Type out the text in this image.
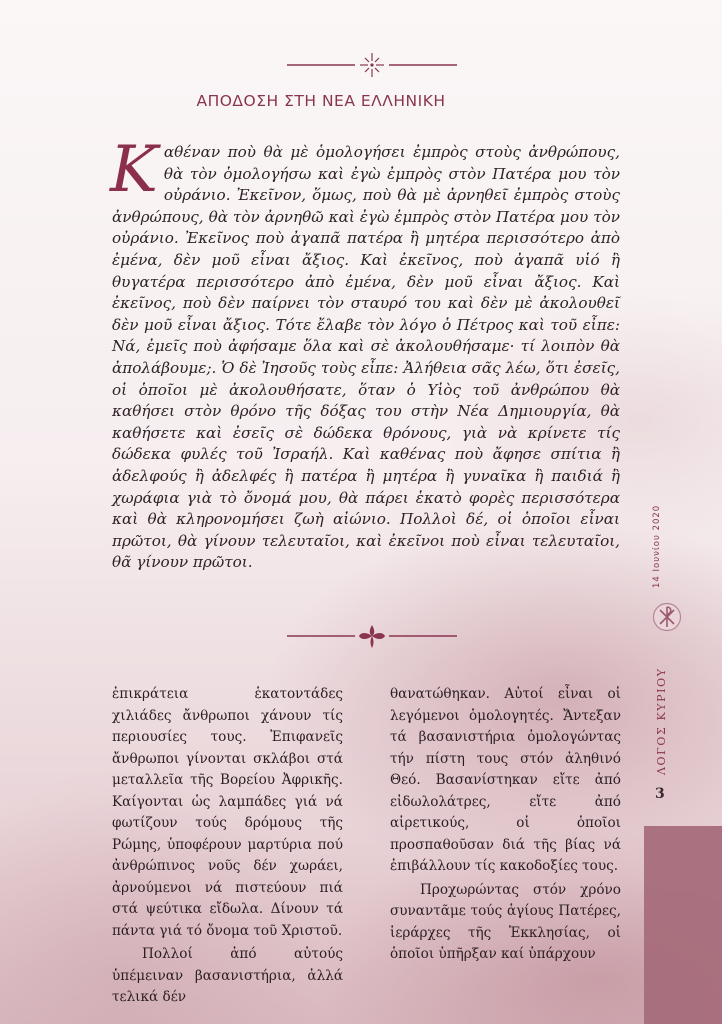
ΑΠΟΔΟΣΗ ΣΤΗ ΝΕΑ ΕΛΛΗΝΙΚΗ
Καθέναν ποὺ θὰ μὲ ὁμολογήσει ἐμπρὸς στοὺς ἀνθρώπους, θὰ τὸν ὁμολογήσω καὶ ἐγὼ ἐμπρὸς στὸν Πατέρα μου τὸν οὐράνιο. Ἐκεῖνον, ὅμως, ποὺ θὰ μὲ ἀρνηθεῖ ἐμπρὸς στοὺς ἀνθρώπους, θὰ τὸν ἀρνηθῶ καὶ ἐγὼ ἐμπρὸς στὸν Πατέρα μου τὸν οὐράνιο. Ἐκεῖνος ποὺ ἀγαπᾶ πατέρα ἢ μητέρα περισσότερο ἀπὸ ἐμένα, δὲν μοῦ εἶναι ἄξιος. Καὶ ἐκεῖνος, ποὺ ἀγαπᾶ υἱό ἢ θυγατέρα περισσότερο ἀπὸ ἐμένα, δὲν μοῦ εἶναι ἄξιος. Καὶ ἐκεῖνος, ποὺ δὲν παίρνει τὸν σταυρό του καὶ δὲν μὲ ἀκολουθεῖ δὲν μοῦ εἶναι ἄξιος. Τότε ἔλαβε τὸν λόγο ὁ Πέτρος καὶ τοῦ εἶπε: Νά, ἐμεῖς ποὺ ἀφήσαμε ὅλα καὶ σὲ ἀκολουθήσαμε· τί λοιπὸν θὰ ἀπολάβουμε;. Ὁ δὲ Ἰησοῦς τοὺς εἶπε: Ἀλήθεια σᾶς λέω, ὅτι ἐσεῖς, οἱ ὁποῖοι μὲ ἀκολουθήσατε, ὅταν ὁ Υἱὸς τοῦ ἀνθρώπου θὰ καθήσει στὸν θρόνο τῆς δόξας του στὴν Νέα Δημιουργία, θὰ καθήσετε καὶ ἐσεῖς σὲ δώδεκα θρόνους, γιὰ νὰ κρίνετε τίς δώδεκα φυλές τοῦ Ἰσραήλ. Καὶ καθένας ποὺ ἄφησε σπίτια ἢ ἀδελφούς ἢ ἀδελφές ἢ πατέρα ἢ μητέρα ἢ γυναῖκα ἢ παιδιά ἢ χωράφια γιὰ τὸ ὄνομά μου, θὰ πάρει ἑκατὸ φορὲς περισσότερα καὶ θὰ κληρονομήσει ζωὴ αἰώνιο. Πολλοὶ δέ, οἱ ὁποῖοι εἶναι πρῶτοι, θὰ γίνουν τελευταῖοι, καὶ ἐκεῖνοι ποὺ εἶναι τελευταῖοι, θᾶ γίνουν πρῶτοι.

ἐπικράτεια ἑκατοντάδες χιλιάδες ἄνθρωποι χάνουν τίς περιουσίες τους. Ἐπιφανεῖς ἄνθρωποι γίνονται σκλάβοι στά μεταλλεῖα τῆς Βορείου Ἀφρικῆς. Καίγονται ὡς λαμπάδες γιά νά φωτίζουν τούς δρόμους τῆς Ρώμης, ὑποφέρουν μαρτύρια πού ἀνθρώπινος νοῦς δέν χωράει, ἀρνούμενοι νά πιστεύουν πιά στά ψεύτικα εἴδωλα. Δίνουν τά πάντα γιά τό ὄνομα τοῦ Χριστοῦ.

Πολλοί ἀπό αὐτούς ὑπέμειναν βασανιστήρια, ἀλλά τελικά δέν

θανατώθηκαν. Αὐτοί εἶναι οἱ λεγόμενοι ὁμολογητές. Ἄντεξαν τά βασανιστήρια ὁμολογώντας τήν πίστη τους στόν ἀληθινό Θεό. Βασανίστηκαν εἴτε ἀπό εἰδωλολάτρες, εἴτε ἀπό αἱρετικούς, οἱ ὁποῖοι προσπαθοῦσαν διά τῆς βίας νά ἐπιβάλλουν τίς κακοδοξίες τους.

Προχωρώντας στόν χρόνο συναντᾶμε τούς ἁγίους Πατέρες, ἱεράρχες τῆς Ἐκκλησίας, οἱ ὁποῖοι ὑπῆρξαν καί ὑπάρχουν

14 Ιουνίου 2020
ΛΟΓΟΣ ΚΥΡΙΟΥ
3
